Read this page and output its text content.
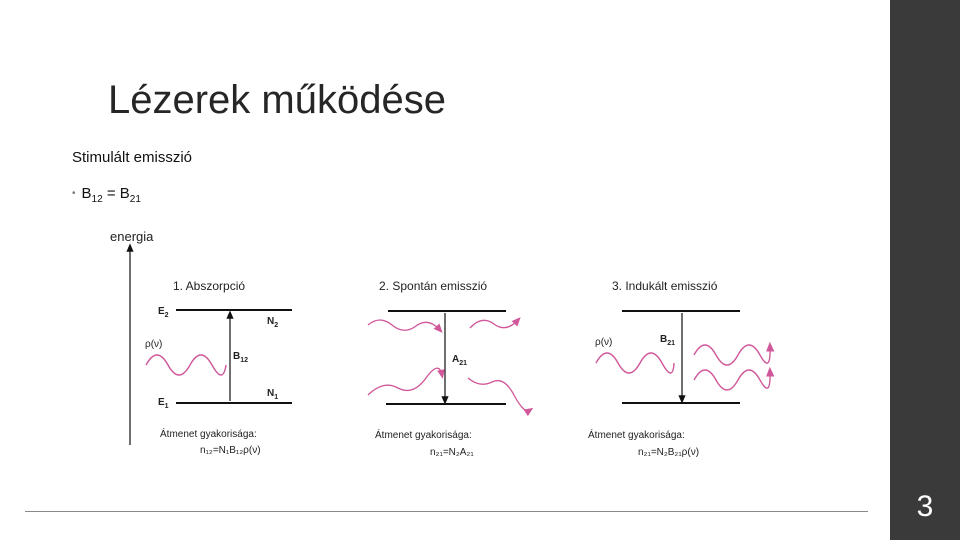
Lézerek működése
Stimulált emisszió
• $B_{12} = B_{21}$
energia
1. Abszorpció
$E_2$
$E_1$
$N_2$
$N_1$
ρ(ν)
$B_{12}$
Átmenet gyakorisága:
n₁₂=N₁B₁₂ρ(ν)
2. Spontán emisszió
$A_{21}$
Átmenet gyakorisága:
n₂₁=N₂A₂₁
3. Indukált emisszió
ρ(ν)	$B_{21}$
Átmenet gyakorisága:
n₂₁=N₂B₂₁ρ(ν)
3
